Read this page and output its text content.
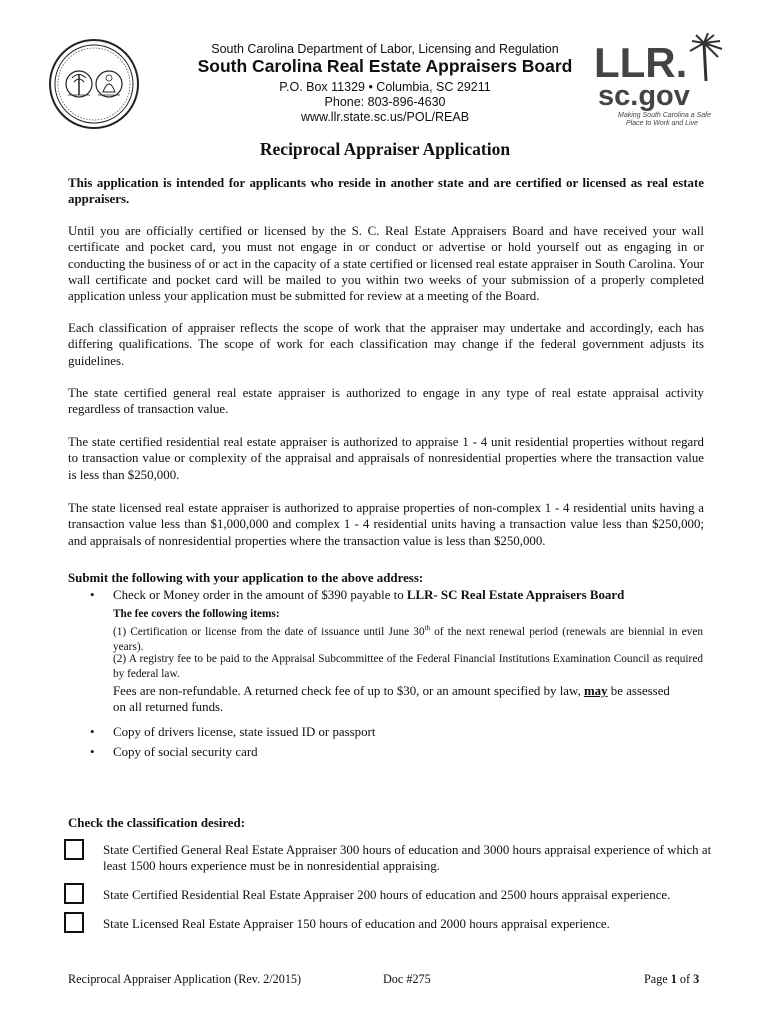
South Carolina Department of Labor, Licensing and Regulation
South Carolina Real Estate Appraisers Board
P.O. Box 11329 • Columbia, SC 29211
Phone: 803-896-4630
www.llr.state.sc.us/POL/REAB
LLR.
sc.gov
Making South Carolina a Safe
Place to Work and Live
Reciprocal Appraiser Application
This application is intended for applicants who reside in another state and are certified or licensed as real estate appraisers.
Until you are officially certified or licensed by the S. C. Real Estate Appraisers Board and have received your wall certificate and pocket card, you must not engage in or conduct or advertise or hold yourself out as engaging in or conducting the business of or act in the capacity of a state certified or licensed real estate appraiser in South Carolina. Your wall certificate and pocket card will be mailed to you within two weeks of your submission of a properly completed application unless your application must be submitted for review at a meeting of the Board.
Each classification of appraiser reflects the scope of work that the appraiser may undertake and accordingly, each has differing qualifications. The scope of work for each classification may change if the federal government adjusts its guidelines.
The state certified general real estate appraiser is authorized to engage in any type of real estate appraisal activity regardless of transaction value.
The state certified residential real estate appraiser is authorized to appraise 1 - 4 unit residential properties without regard to transaction value or complexity of the appraisal and appraisals of nonresidential properties where the transaction value is less than $250,000.
The state licensed real estate appraiser is authorized to appraise properties of non-complex 1 - 4 residential units having a transaction value less than $1,000,000 and complex 1 - 4 residential units having a transaction value less than $250,000; and appraisals of nonresidential properties where the transaction value is less than $250,000.
Submit the following with your application to the above address:
• Check or Money order in the amount of $390 payable to LLR- SC Real Estate Appraisers Board
The fee covers the following items:
(1) Certification or license from the date of issuance until June 30th of the next renewal period (renewals are biennial in even years).
(2) A registry fee to be paid to the Appraisal Subcommittee of the Federal Financial Institutions Examination Council as required by federal law.
Fees are non-refundable. A returned check fee of up to $30, or an amount specified by law, may be assessed on all returned funds.
• Copy of drivers license, state issued ID or passport
• Copy of social security card
Check the classification desired:
State Certified General Real Estate Appraiser 300 hours of education and 3000 hours appraisal experience of which at least 1500 hours experience must be in nonresidential appraising.
State Certified Residential Real Estate Appraiser 200 hours of education and 2500 hours appraisal experience.
State Licensed Real Estate Appraiser 150 hours of education and 2000 hours appraisal experience.
Reciprocal Appraiser Application (Rev. 2/2015)	Doc #275	Page 1 of 3
